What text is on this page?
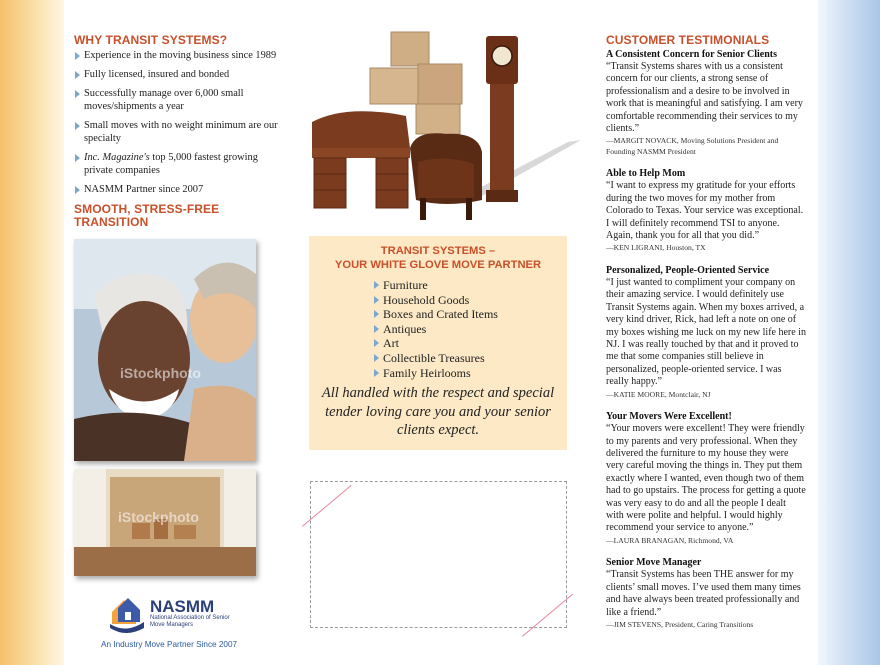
WHY TRANSIT SYSTEMS?
Experience in the moving business since 1989
Fully licensed, insured and bonded
Successfully manage over 6,000 small moves/shipments a year
Small moves with no weight minimum are our specialty
Inc. Magazine's top 5,000 fastest growing private companies
NASMM Partner since 2007
SMOOTH, STRESS-FREE TRANSITION
iStockphoto
iStockphoto
NASMM
National Association of Senior Move Managers
An Industry Move Partner Since 2007
TRANSIT SYSTEMS –
YOUR WHITE GLOVE MOVE PARTNER
Furniture
Household Goods
Boxes and Crated Items
Antiques
Art
Collectible Treasures
Family Heirlooms
All handled with the respect and special tender loving care you and your senior clients expect.
CUSTOMER TESTIMONIALS
A Consistent Concern for Senior Clients
“Transit Systems shares with us a consistent concern for our clients, a strong sense of professionalism and a desire to be involved in work that is meaningful and satisfying. I am very comfortable recommending their services to my clients.”
—MARGIT NOVACK, Moving Solutions President and Founding NASMM President
Able to Help Mom
“I want to express my gratitude for your efforts during the two moves for my mother from Colorado to Texas. Your service was exceptional. I will definitely recommend TSI to anyone. Again, thank you for all that you did.”
—KEN LIGRANI, Houston, TX
Personalized, People-Oriented Service
“I just wanted to compliment your company on their amazing service. I would definitely use Transit Systems again. When my boxes arrived, a very kind driver, Rick, had left a note on one of my boxes wishing me luck on my new life here in NJ. I was really touched by that and it proved to me that some companies still believe in personalized, people-oriented service. I was really happy.”
—KATIE MOORE, Montclair, NJ
Your Movers Were Excellent!
“Your movers were excellent! They were friendly to my parents and very professional. When they delivered the furniture to my house they were very careful moving the things in. They put them exactly where I wanted, even though two of them had to go upstairs. The process for getting a quote was very easy to do and all the people I dealt with were polite and helpful. I would highly recommend your service to anyone.”
—LAURA BRANAGAN, Richmond, VA
Senior Move Manager
“Transit Systems has been THE answer for my clients’ small moves. I’ve used them many times and have always been treated professionally and like a friend.”
—JIM STEVENS, President, Caring Transitions
